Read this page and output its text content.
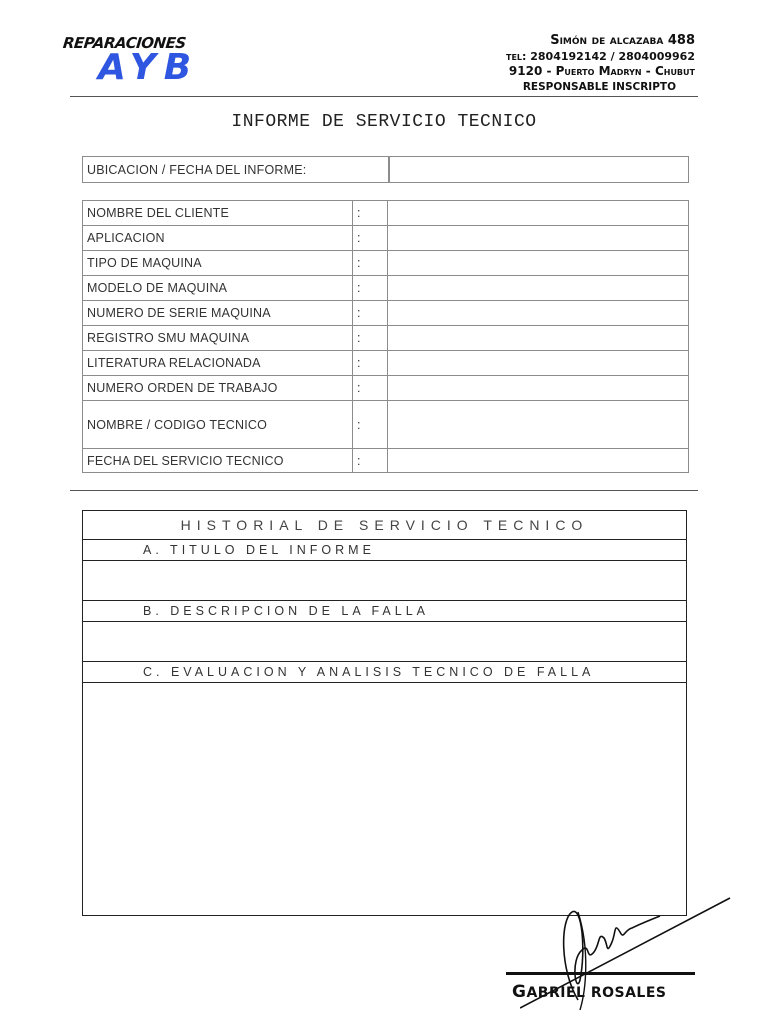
REPARACIONES
AYB
Simón de alcazaba 488
tel: 2804192142 / 2804009962
9120 - Puerto Madryn - Chubut
RESPONSABLE INSCRIPTO
INFORME DE SERVICIO TECNICO
UBICACION / FECHA DEL INFORME:	
NOMBRE DEL CLIENTE	:	
APLICACION	:	
TIPO DE MAQUINA	:	
MODELO DE MAQUINA	:	
NUMERO DE SERIE MAQUINA	:	
REGISTRO SMU MAQUINA	:	
LITERATURA RELACIONADA	:	
NUMERO ORDEN DE TRABAJO	:	
NOMBRE / CODIGO TECNICO	:	
FECHA DEL SERVICIO TECNICO	:	
HISTORIAL DE SERVICIO TECNICO
A. TITULO DEL INFORME
B. DESCRIPCION DE LA FALLA
C. EVALUACION Y ANALISIS TECNICO DE FALLA
GABRIEL ROSALES
